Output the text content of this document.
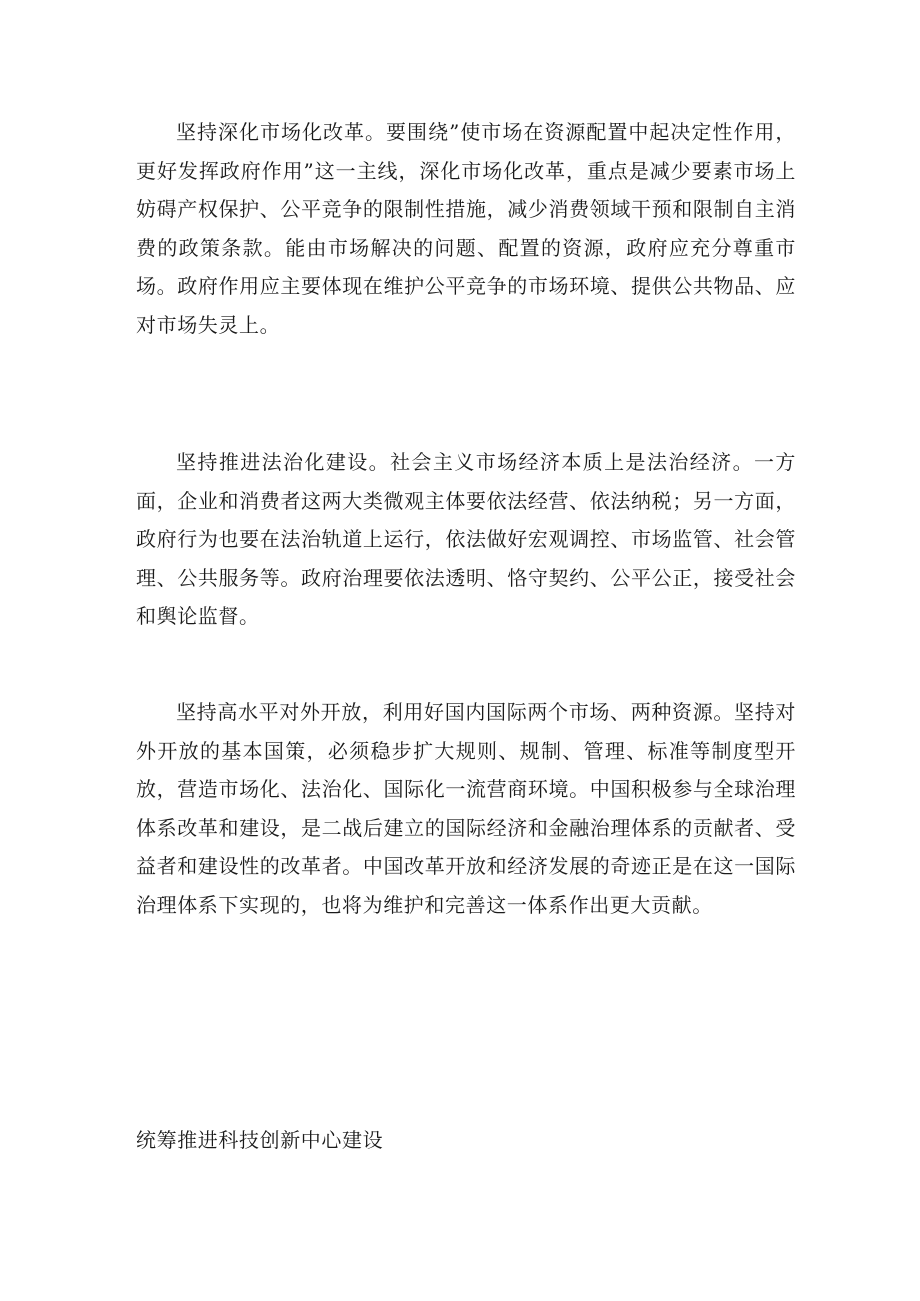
坚持深化市场化改革。要围绕”使市场在资源配置中起决定性作用，更好发挥政府作用”这一主线，深化市场化改革，重点是减少要素市场上妨碍产权保护、公平竞争的限制性措施，减少消费领域干预和限制自主消费的政策条款。能由市场解决的问题、配置的资源，政府应充分尊重市场。政府作用应主要体现在维护公平竞争的市场环境、提供公共物品、应对市场失灵上。

坚持推进法治化建设。社会主义市场经济本质上是法治经济。一方面，企业和消费者这两大类微观主体要依法经营、依法纳税；另一方面，政府行为也要在法治轨道上运行，依法做好宏观调控、市场监管、社会管理、公共服务等。政府治理要依法透明、恪守契约、公平公正，接受社会和舆论监督。

坚持高水平对外开放，利用好国内国际两个市场、两种资源。坚持对外开放的基本国策，必须稳步扩大规则、规制、管理、标准等制度型开放，营造市场化、法治化、国际化一流营商环境。中国积极参与全球治理体系改革和建设，是二战后建立的国际经济和金融治理体系的贡献者、受益者和建设性的改革者。中国改革开放和经济发展的奇迹正是在这一国际治理体系下实现的，也将为维护和完善这一体系作出更大贡献。

统筹推进科技创新中心建设
